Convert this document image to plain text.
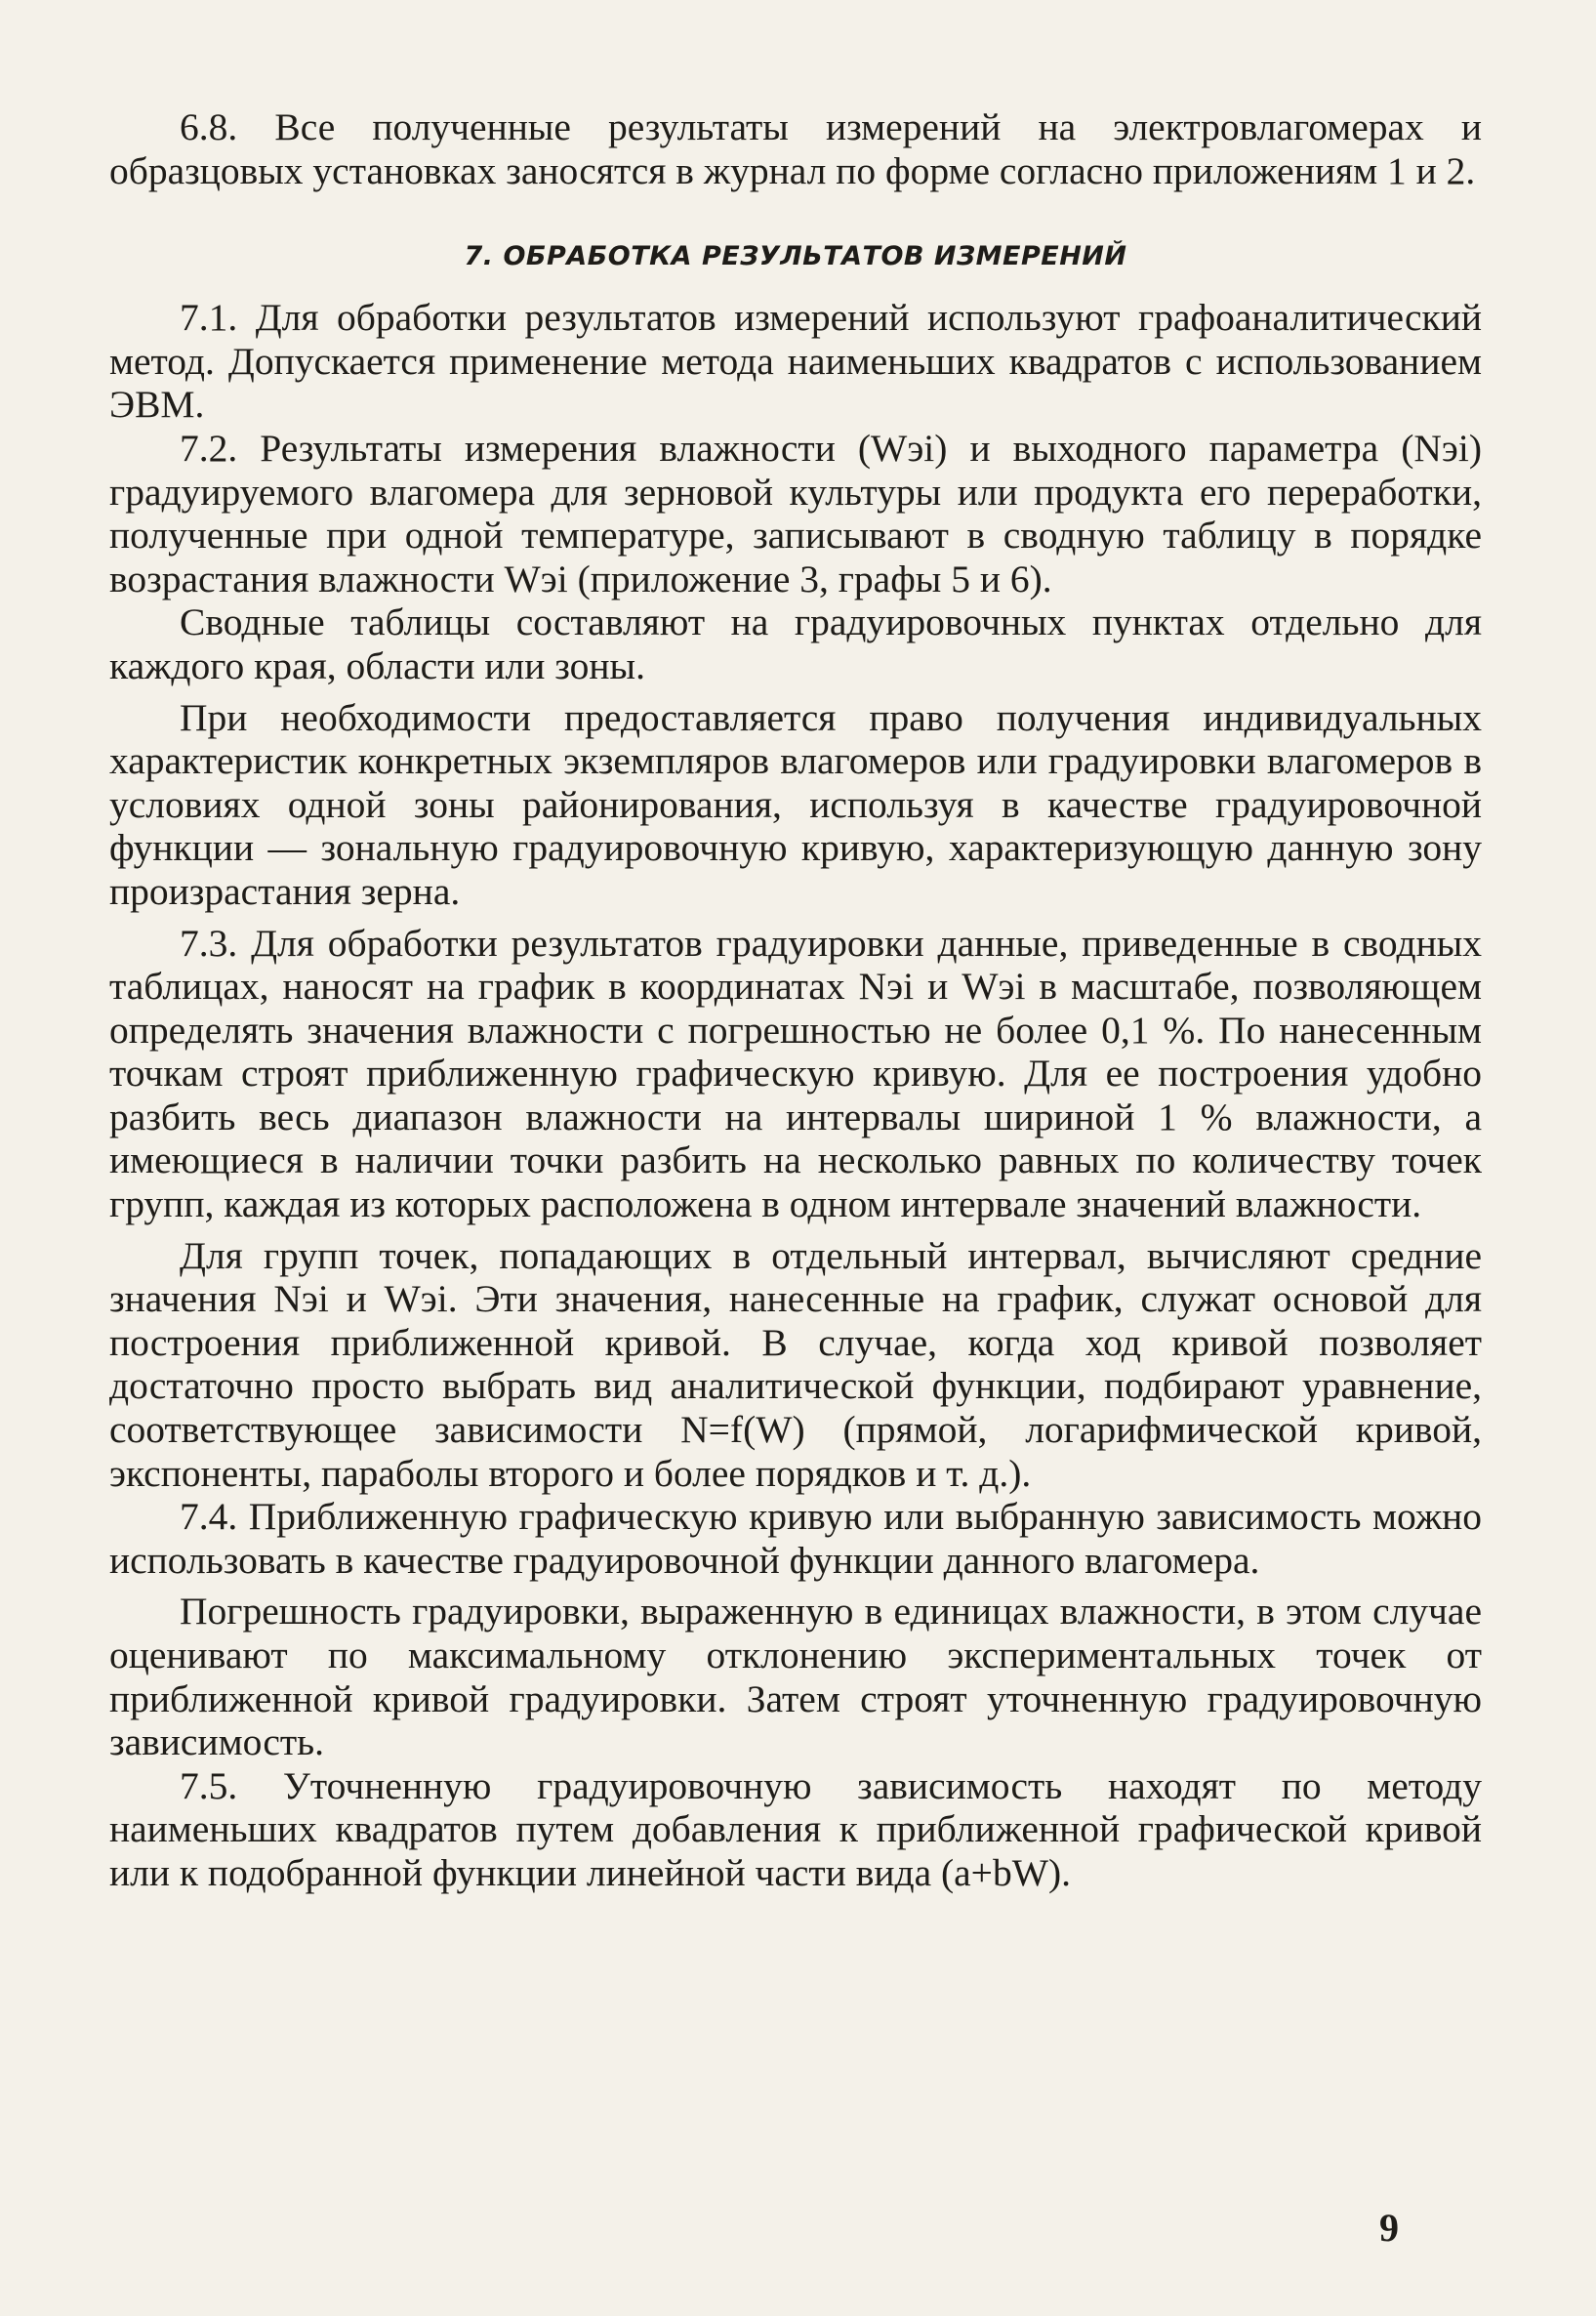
6.8. Все полученные результаты измерений на электровлагомерах и образцовых установках заносятся в журнал по форме согласно приложениям 1 и 2.

7. ОБРАБОТКА РЕЗУЛЬТАТОВ ИЗМЕРЕНИЙ

7.1. Для обработки результатов измерений используют графоаналитический метод. Допускается применение метода наименьших квадратов с использованием ЭВМ.

7.2. Результаты измерения влажности (Wэi) и выходного параметра (Nэi) градуируемого влагомера для зерновой культуры или продукта его переработки, полученные при одной температуре, записывают в сводную таблицу в порядке возрастания влажности Wэi (приложение 3, графы 5 и 6).

Сводные таблицы составляют на градуировочных пунктах отдельно для каждого края, области или зоны.

При необходимости предоставляется право получения индивидуальных характеристик конкретных экземпляров влагомеров или градуировки влагомеров в условиях одной зоны районирования, используя в качестве градуировочной функции — зональную градуировочную кривую, характеризующую данную зону произрастания зерна.

7.3. Для обработки результатов градуировки данные, приведенные в сводных таблицах, наносят на график в координатах Nэi и Wэi в масштабе, позволяющем определять значения влажности с погрешностью не более 0,1 %. По нанесенным точкам строят приближенную графическую кривую. Для ее построения удобно разбить весь диапазон влажности на интервалы шириной 1 % влажности, а имеющиеся в наличии точки разбить на несколько равных по количеству точек групп, каждая из которых расположена в одном интервале значений влажности.

Для групп точек, попадающих в отдельный интервал, вычисляют средние значения Nэi и Wэi. Эти значения, нанесенные на график, служат основой для построения приближенной кривой. В случае, когда ход кривой позволяет достаточно просто выбрать вид аналитической функции, подбирают уравнение, соответствующее зависимости N=f(W) (прямой, логарифмической кривой, экспоненты, параболы второго и более порядков и т. д.).

7.4. Приближенную графическую кривую или выбранную зависимость можно использовать в качестве градуировочной функции данного влагомера.

Погрешность градуировки, выраженную в единицах влажности, в этом случае оценивают по максимальному отклонению экспериментальных точек от приближенной кривой градуировки. Затем строят уточненную градуировочную зависимость.

7.5. Уточненную градуировочную зависимость находят по методу наименьших квадратов путем добавления к приближенной графической кривой или к подобранной функции линейной части вида (a+bW).

9
